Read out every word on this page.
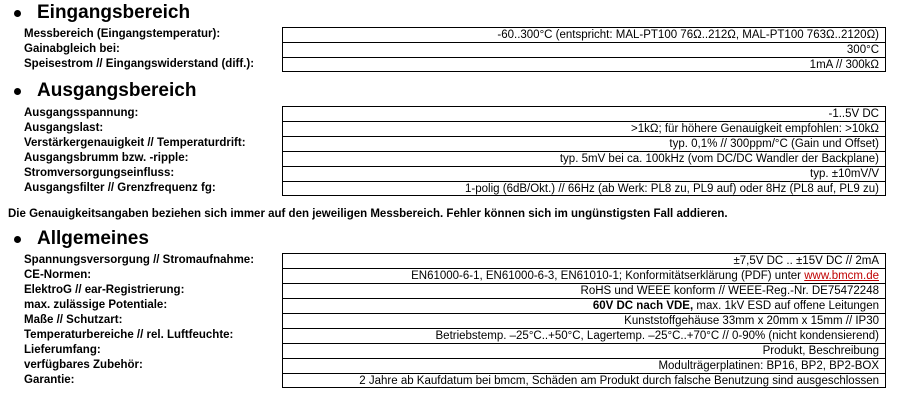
Eingangsbereich
Messbereich (Eingangstemperatur):	-60..300°C (entspricht: MAL-PT100 76Ω..212Ω, MAL-PT100 763Ω..2120Ω)
Gainabgleich bei:	300°C
Speisestrom // Eingangswiderstand (diff.):	1mA // 300kΩ
Ausgangsbereich
Ausgangsspannung:	-1..5V DC
Ausgangslast:	>1kΩ; für höhere Genauigkeit empfohlen: >10kΩ
Verstärkergenauigkeit // Temperaturdrift:	typ. 0,1% // 300ppm/°C (Gain und Offset)
Ausgangsbrumm bzw. -ripple:	typ. 5mV bei ca. 100kHz (vom DC/DC Wandler der Backplane)
Stromversorgungseinfluss:	typ. ±10mV/V
Ausgangsfilter // Grenzfrequenz fg:	1-polig (6dB/Okt.) // 66Hz (ab Werk: PL8 zu, PL9 auf) oder 8Hz (PL8 auf, PL9 zu)
Die Genauigkeitsangaben beziehen sich immer auf den jeweiligen Messbereich. Fehler können sich im ungünstigsten Fall addieren.
Allgemeines
Spannungsversorgung // Stromaufnahme:	±7,5V DC .. ±15V DC // 2mA
CE-Normen:	EN61000-6-1, EN61000-6-3, EN61010-1; Konformitätserklärung (PDF) unter www.bmcm.de
ElektroG // ear-Registrierung:	RoHS und WEEE konform // WEEE-Reg.-Nr. DE75472248
max. zulässige Potentiale:	60V DC nach VDE, max. 1kV ESD auf offene Leitungen
Maße // Schutzart:	Kunststoffgehäuse 33mm x 20mm x 15mm // IP30
Temperaturbereiche // rel. Luftfeuchte:	Betriebstemp. –25°C..+50°C, Lagertemp. –25°C..+70°C // 0-90% (nicht kondensierend)
Lieferumfang:	Produkt, Beschreibung
verfügbares Zubehör:	Modulträgerplatinen: BP16, BP2, BP2-BOX
Garantie:	2 Jahre ab Kaufdatum bei bmcm, Schäden am Produkt durch falsche Benutzung sind ausgeschlossen
